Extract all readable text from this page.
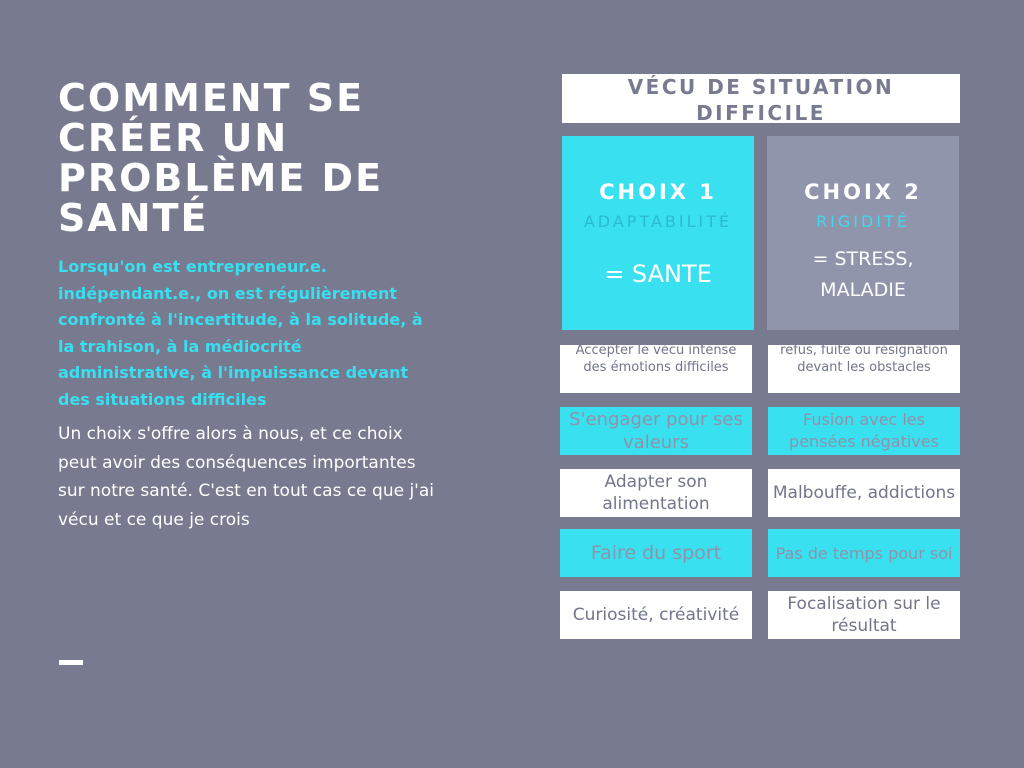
COMMENT SE CRÉER UN PROBLÈME DE SANTÉ

Lorsqu'on est entrepreneur.e. indépendant.e., on est régulièrement confronté à l'incertitude, à la solitude, à la trahison, à la médiocrité administrative, à l'impuissance devant des situations difficiles

Un choix s'offre alors à nous, et ce choix peut avoir des conséquences importantes sur notre santé. C'est en tout cas ce que j'ai vécu et ce que je crois

VÉCU DE SITUATION DIFFICILE
CHOIX 1
ADAPTABILITÉ
= SANTE
CHOIX 2
RIGIDITÉ
= STRESS, MALADIE
Accepter le vécu intense des émotions difficiles
refus, fuite ou résignation devant les obstacles
S'engager pour ses valeurs
Fusion avec les pensées négatives
Adapter son alimentation
Malbouffe, addictions
Faire du sport	Pas de temps pour soi
Curiosité, créativité
Focalisation sur le résultat
